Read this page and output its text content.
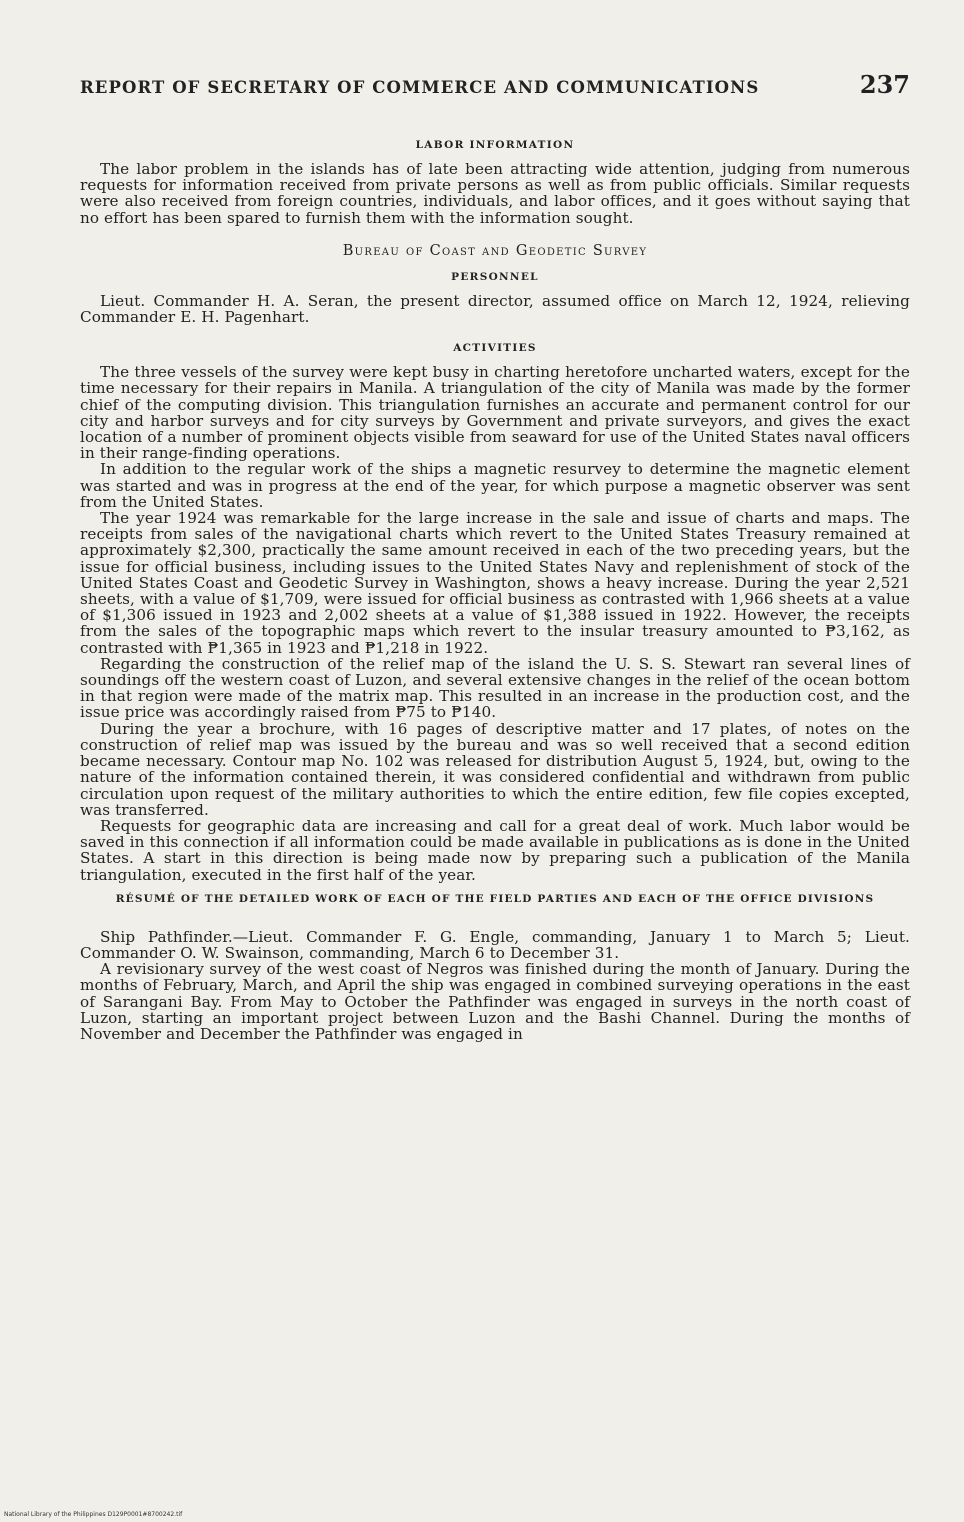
REPORT OF SECRETARY OF COMMERCE AND COMMUNICATIONS	237
LABOR INFORMATION

The labor problem in the islands has of late been attracting wide attention, judging from numerous requests for information received from private persons as well as from public officials. Similar requests were also received from foreign countries, individuals, and labor offices, and it goes without saying that no effort has been spared to furnish them with the information sought.

Bureau of Coast and Geodetic Survey
PERSONNEL

Lieut. Commander H. A. Seran, the present director, assumed office on March 12, 1924, relieving Commander E. H. Pagenhart.

ACTIVITIES

The three vessels of the survey were kept busy in charting heretofore uncharted waters, except for the time necessary for their repairs in Manila. A triangulation of the city of Manila was made by the former chief of the computing division. This triangulation furnishes an accurate and permanent control for our city and harbor surveys and for city surveys by Government and private surveyors, and gives the exact location of a number of prominent objects visible from seaward for use of the United States naval officers in their range-finding operations.

In addition to the regular work of the ships a magnetic resurvey to determine the magnetic element was started and was in progress at the end of the year, for which purpose a magnetic observer was sent from the United States.

The year 1924 was remarkable for the large increase in the sale and issue of charts and maps. The receipts from sales of the navigational charts which revert to the United States Treasury remained at approximately $2,300, practically the same amount received in each of the two preceding years, but the issue for official business, including issues to the United States Navy and replenishment of stock of the United States Coast and Geodetic Survey in Washington, shows a heavy increase. During the year 2,521 sheets, with a value of $1,709, were issued for official business as contrasted with 1,966 sheets at a value of $1,306 issued in 1923 and 2,002 sheets at a value of $1,388 issued in 1922. However, the receipts from the sales of the topographic maps which revert to the insular treasury amounted to ₱3,162, as contrasted with ₱1,365 in 1923 and ₱1,218 in 1922.

Regarding the construction of the relief map of the island the U. S. S. Stewart ran several lines of soundings off the western coast of Luzon, and several extensive changes in the relief of the ocean bottom in that region were made of the matrix map. This resulted in an increase in the production cost, and the issue price was accordingly raised from ₱75 to ₱140.

During the year a brochure, with 16 pages of descriptive matter and 17 plates, of notes on the construction of relief map was issued by the bureau and was so well received that a second edition became necessary. Contour map No. 102 was released for distribution August 5, 1924, but, owing to the nature of the information contained therein, it was considered confidential and withdrawn from public circulation upon request of the military authorities to which the entire edition, few file copies excepted, was transferred.

Requests for geographic data are increasing and call for a great deal of work. Much labor would be saved in this connection if all information could be made available in publications as is done in the United States. A start in this direction is being made now by preparing such a publication of the Manila triangulation, executed in the first half of the year.

RÉSUMÉ OF THE DETAILED WORK OF EACH OF THE FIELD PARTIES AND EACH OF THE OFFICE DIVISIONS

Ship Pathfinder.—Lieut. Commander F. G. Engle, commanding, January 1 to March 5; Lieut. Commander O. W. Swainson, commanding, March 6 to December 31.

A revisionary survey of the west coast of Negros was finished during the month of January. During the months of February, March, and April the ship was engaged in combined surveying operations in the east of Sarangani Bay. From May to October the Pathfinder was engaged in surveys in the north coast of Luzon, starting an important project between Luzon and the Bashi Channel. During the months of November and December the Pathfinder was engaged in

National Library of the Philippines D129P0001#8700242.tif
